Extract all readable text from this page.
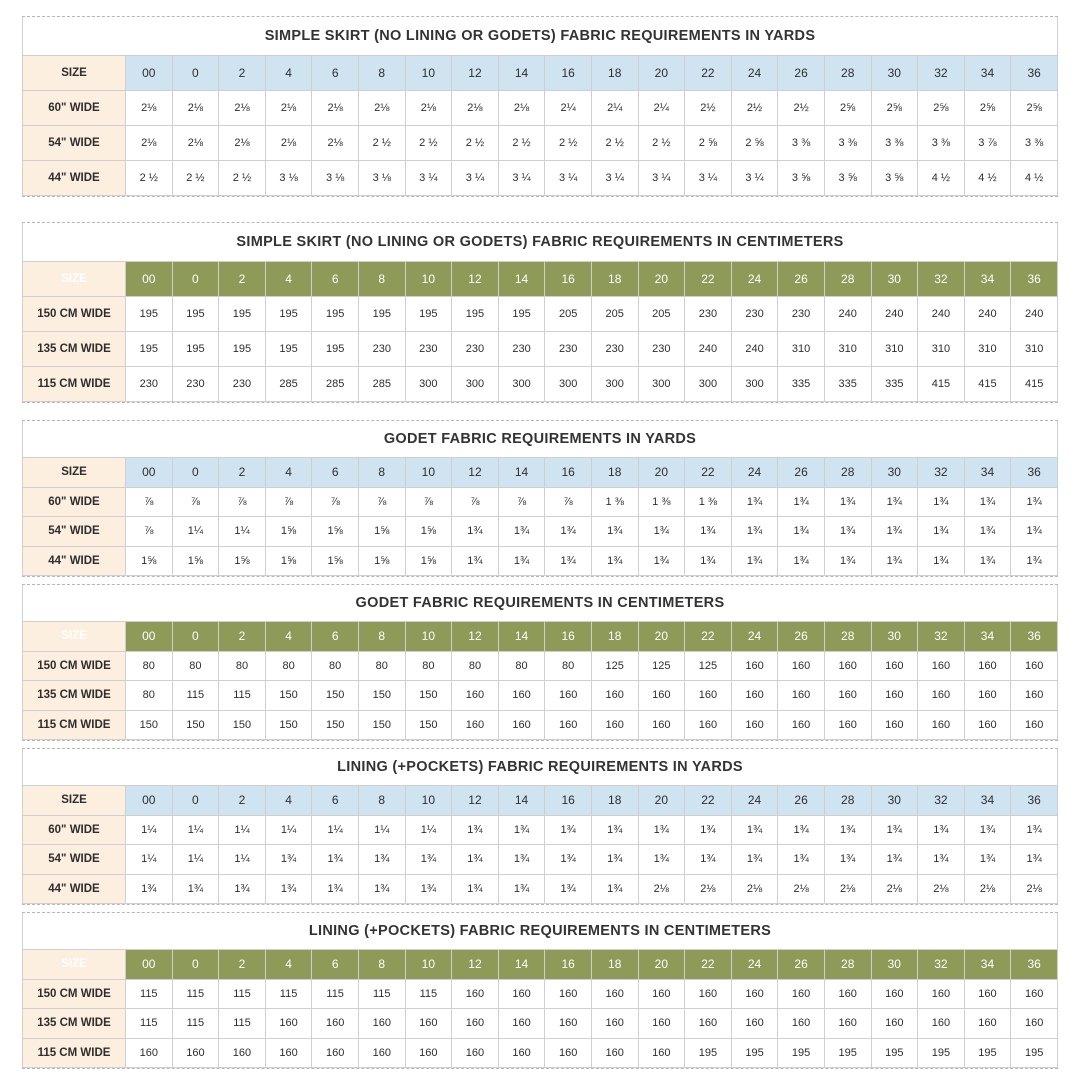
SIMPLE SKIRT (NO LINING OR GODETS) FABRIC REQUIREMENTS IN YARDS
SIZE	00	0	2	4	6	8	10	12	14	16	18	20	22	24	26	28	30	32	34	36
60" WIDE	2⅛	2⅛	2⅛	2⅛	2⅛	2⅛	2⅛	2⅛	2⅛	2¼	2¼	2¼	2½	2½	2½	2⅝	2⅝	2⅝	2⅝	2⅝
54" WIDE	2⅛	2⅛	2⅛	2⅛	2⅛	2 ½	2 ½	2 ½	2 ½	2 ½	2 ½	2 ½	2 ⅝	2 ⅝	3 ⅜	3 ⅜	3 ⅜	3 ⅜	3 ⅞	3 ⅜
44" WIDE	2 ½	2 ½	2 ½	3 ⅛	3 ⅛	3 ⅛	3 ¼	3 ¼	3 ¼	3 ¼	3 ¼	3 ¼	3 ¼	3 ¼	3 ⅝	3 ⅝	3 ⅝	4 ½	4 ½	4 ½
SIMPLE SKIRT (NO LINING OR GODETS) FABRIC REQUIREMENTS IN CENTIMETERS
SIZE	00	0	2	4	6	8	10	12	14	16	18	20	22	24	26	28	30	32	34	36
150 CM WIDE	195	195	195	195	195	195	195	195	195	205	205	205	230	230	230	240	240	240	240	240
135 CM WIDE	195	195	195	195	195	230	230	230	230	230	230	230	240	240	310	310	310	310	310	310
115 CM WIDE	230	230	230	285	285	285	300	300	300	300	300	300	300	300	335	335	335	415	415	415
GODET FABRIC REQUIREMENTS IN YARDS
SIZE	00	0	2	4	6	8	10	12	14	16	18	20	22	24	26	28	30	32	34	36
60" WIDE	⅞	⅞	⅞	⅞	⅞	⅞	⅞	⅞	⅞	⅞	1 ⅜	1 ⅜	1 ⅜	1¾	1¾	1¾	1¾	1¾	1¾	1¾
54" WIDE	⅞	1¼	1¼	1⅝	1⅝	1⅝	1⅝	1¾	1¾	1¾	1¾	1¾	1¾	1¾	1¾	1¾	1¾	1¾	1¾	1¾
44" WIDE	1⅝	1⅝	1⅝	1⅝	1⅝	1⅝	1⅝	1¾	1¾	1¾	1¾	1¾	1¾	1¾	1¾	1¾	1¾	1¾	1¾	1¾
GODET FABRIC REQUIREMENTS IN CENTIMETERS
SIZE	00	0	2	4	6	8	10	12	14	16	18	20	22	24	26	28	30	32	34	36
150 CM WIDE	80	80	80	80	80	80	80	80	80	80	125	125	125	160	160	160	160	160	160	160
135 CM WIDE	80	115	115	150	150	150	150	160	160	160	160	160	160	160	160	160	160	160	160	160
115 CM WIDE	150	150	150	150	150	150	150	160	160	160	160	160	160	160	160	160	160	160	160	160
LINING (+POCKETS) FABRIC REQUIREMENTS IN YARDS
SIZE	00	0	2	4	6	8	10	12	14	16	18	20	22	24	26	28	30	32	34	36
60" WIDE	1¼	1¼	1¼	1¼	1¼	1¼	1¼	1¾	1¾	1¾	1¾	1¾	1¾	1¾	1¾	1¾	1¾	1¾	1¾	1¾
54" WIDE	1¼	1¼	1¼	1¾	1¾	1¾	1¾	1¾	1¾	1¾	1¾	1¾	1¾	1¾	1¾	1¾	1¾	1¾	1¾	1¾
44" WIDE	1¾	1¾	1¾	1¾	1¾	1¾	1¾	1¾	1¾	1¾	1¾	2⅛	2⅛	2⅛	2⅛	2⅛	2⅛	2⅛	2⅛	2⅛
LINING (+POCKETS) FABRIC REQUIREMENTS IN CENTIMETERS
SIZE	00	0	2	4	6	8	10	12	14	16	18	20	22	24	26	28	30	32	34	36
150 CM WIDE	115	115	115	115	115	115	115	160	160	160	160	160	160	160	160	160	160	160	160	160
135 CM WIDE	115	115	115	160	160	160	160	160	160	160	160	160	160	160	160	160	160	160	160	160
115 CM WIDE	160	160	160	160	160	160	160	160	160	160	160	160	195	195	195	195	195	195	195	195
